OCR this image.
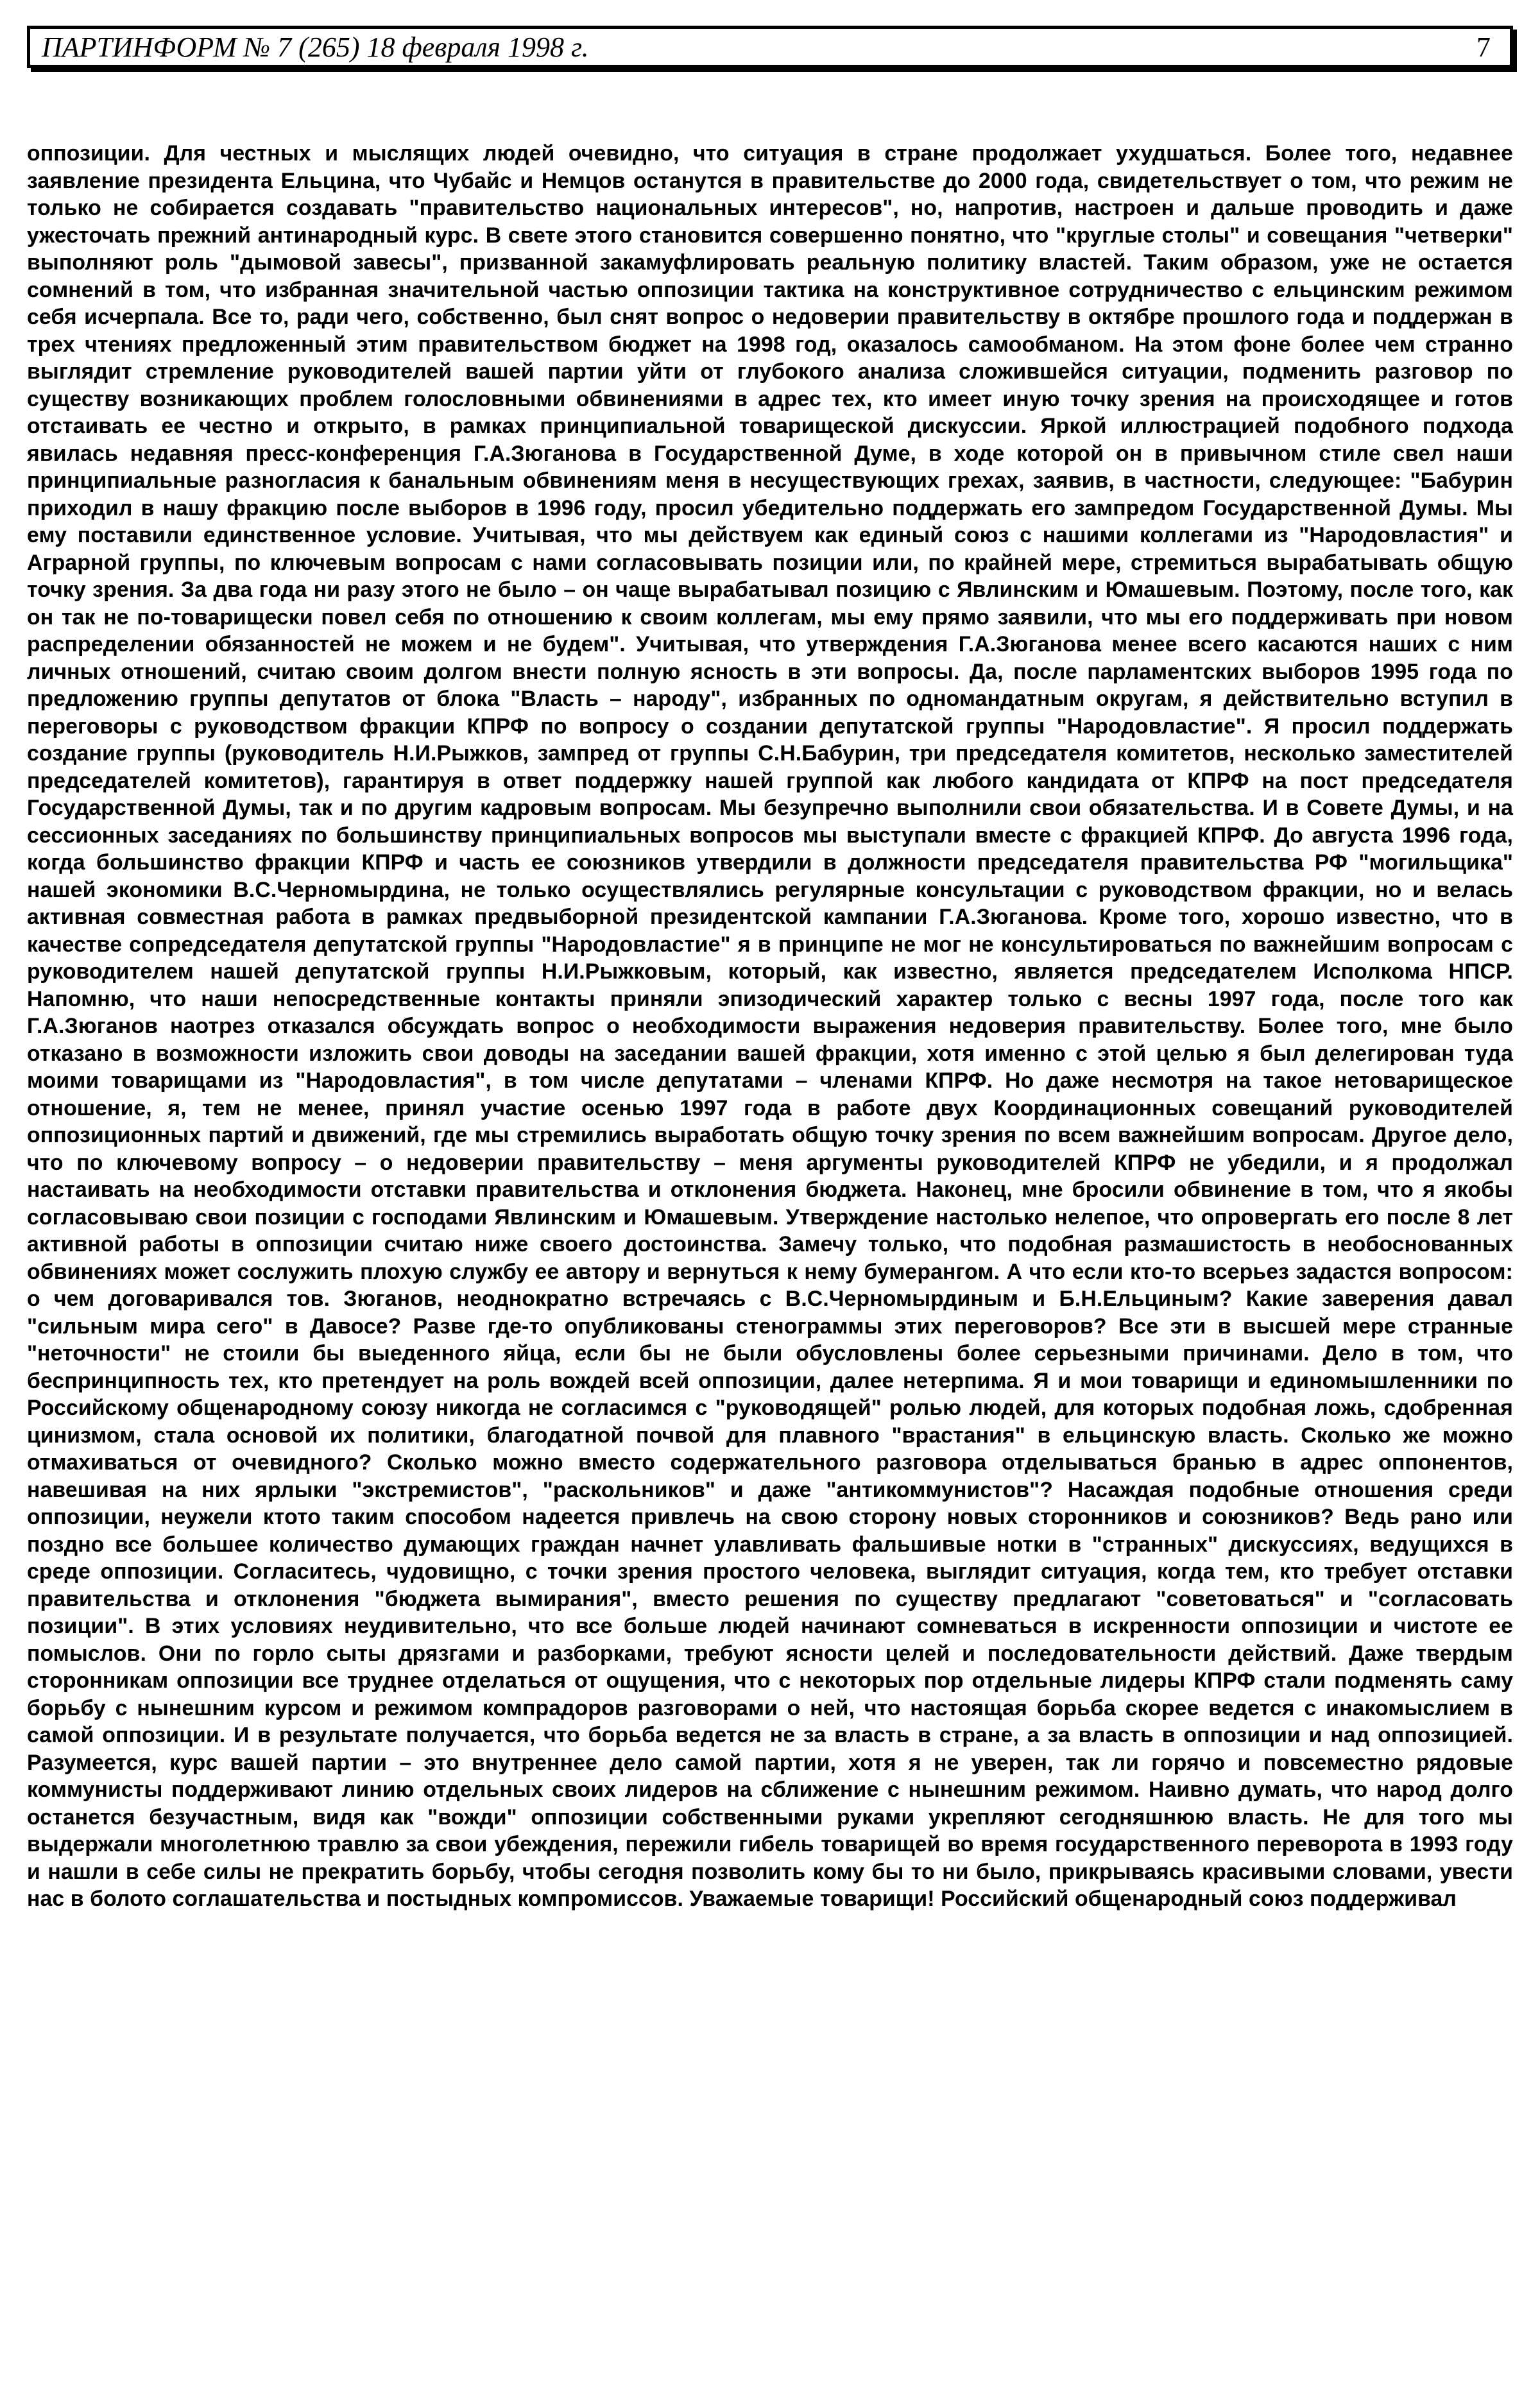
ПАРТИНФОРМ № 7 (265) 18 февраля 1998 г.	7

оппозиции. Для честных и мыслящих людей очевидно, что ситуация в стране продолжает ухудшаться. Более того, недавнее заявление президента Ельцина, что Чубайс и Немцов останутся в правительстве до 2000 года, свидетельствует о том, что режим не только не собирается создавать "правительство национальных интересов", но, напротив, настроен и дальше проводить и даже ужесточать прежний антинародный курс. В свете этого становится совершенно понятно, что "круглые столы" и совещания "четверки" выполняют роль "дымовой завесы", призванной закамуфлировать реальную политику властей. Таким образом, уже не остается сомнений в том, что избранная значительной частью оппозиции тактика на конструктивное сотрудничество с ельцинским режимом себя исчерпала. Все то, ради чего, собственно, был снят вопрос о недоверии правительству в октябре прошлого года и поддержан в трех чтениях предложенный этим правительством бюджет на 1998 год, оказалось самообманом. На этом фоне более чем странно выглядит стремление руководителей вашей партии уйти от глубокого анализа сложившейся ситуации, подменить разговор по существу возникающих проблем голословными обвинениями в адрес тех, кто имеет иную точку зрения на происходящее и готов отстаивать ее честно и открыто, в рамках принципиальной товарищеской дискуссии. Яркой иллюстрацией подобного подхода явилась недавняя пресс-конференция Г.А.Зюганова в Государственной Думе, в ходе которой он в привычном стиле свел наши принципиальные разногласия к банальным обвинениям меня в несуществующих грехах, заявив, в частности, следующее: "Бабурин приходил в нашу фракцию после выборов в 1996 году, просил убедительно поддержать его зампредом Государственной Думы. Мы ему поставили единственное условие. Учитывая, что мы действуем как единый союз с нашими коллегами из "Народовластия" и Аграрной группы, по ключевым вопросам с нами согласовывать позиции или, по крайней мере, стремиться вырабатывать общую точку зрения. За два года ни разу этого не было – он чаще вырабатывал позицию с Явлинским и Юмашевым. Поэтому, после того, как он так не по-товарищески повел себя по отношению к своим коллегам, мы ему прямо заявили, что мы его поддерживать при новом распределении обязанностей не можем и не будем". Учитывая, что утверждения Г.А.Зюганова менее всего касаются наших с ним личных отношений, считаю своим долгом внести полную ясность в эти вопросы. Да, после парламентских выборов 1995 года по предложению группы депутатов от блока "Власть – народу", избранных по одномандатным округам, я действительно вступил в переговоры с руководством фракции КПРФ по вопросу о создании депутатской группы "Народовластие". Я просил поддержать создание группы (руководитель Н.И.Рыжков, зампред от группы С.Н.Бабурин, три председателя комитетов, несколько заместителей председателей комитетов), гарантируя в ответ поддержку нашей группой как любого кандидата от КПРФ на пост председателя Государственной Думы, так и по другим кадровым вопросам. Мы безупречно выполнили свои обязательства. И в Совете Думы, и на сессионных заседаниях по большинству принципиальных вопросов мы выступали вместе с фракцией КПРФ. До августа 1996 года, когда большинство фракции КПРФ и часть ее союзников утвердили в должности председателя правительства РФ "могильщика" нашей экономики В.С.Черномырдина, не только осуществлялись регулярные консультации с руководством фракции, но и велась активная совместная работа в рамках предвыборной президентской кампании Г.А.Зюганова. Кроме того, хорошо известно, что в качестве сопредседателя депутатской группы "Народовластие" я в принципе не мог не консультироваться по важнейшим вопросам с руководителем нашей депутатской группы Н.И.Рыжковым, который, как известно, является председателем Исполкома НПСР. Напомню, что наши непосредственные контакты приняли эпизодический характер только с весны 1997 года, после того как Г.А.Зюганов наотрез отказался обсуждать вопрос о необходимости выражения недоверия правительству. Более того, мне было отказано в возможности изложить свои доводы на заседании вашей фракции, хотя именно с этой целью я был делегирован туда моими товарищами из "Народовластия", в том числе депутатами – членами КПРФ. Но даже несмотря на такое нетоварищеское отношение, я, тем не менее, принял участие осенью 1997 года в работе двух Координационных совещаний руководителей оппозиционных партий и движений, где мы стремились выработать общую точку зрения по всем важнейшим вопросам. Другое дело, что по ключевому вопросу – о недоверии правительству – меня аргументы руководителей КПРФ не убедили, и я продолжал настаивать на необходимости отставки правительства и отклонения бюджета. Наконец, мне бросили обвинение в том, что я якобы согласовываю свои позиции с господами Явлинским и Юмашевым. Утверждение настолько нелепое, что опровергать его после 8 лет активной работы в оппозиции считаю ниже своего достоинства. Замечу только, что подобная размашистость в необоснованных обвинениях может сослужить плохую службу ее автору и вернуться к нему бумерангом. А что если кто-то всерьез задастся вопросом: о чем договаривался тов. Зюганов, неоднократно встречаясь с В.С.Черномырдиным и Б.Н.Ельциным? Какие заверения давал "сильным мира сего" в Давосе? Разве где-то опубликованы стенограммы этих переговоров? Все эти в высшей мере странные "неточности" не стоили бы выеденного яйца, если бы не были обусловлены более серьезными причинами. Дело в том, что беспринципность тех, кто претендует на роль вождей всей оппозиции, далее нетерпима. Я и мои товарищи и единомышленники по Российскому общенародному союзу никогда не согласимся с "руководящей" ролью людей, для которых подобная ложь, сдобренная цинизмом, стала основой их политики, благодатной почвой для плавного "врастания" в ельцинскую власть. Сколько же можно отмахиваться от очевидного? Сколько можно вместо содержательного разговора отделываться бранью в адрес оппонентов, навешивая на них ярлыки "экстремистов", "раскольников" и даже "антикоммунистов"? Насаждая подобные отношения среди оппозиции, неужели ктото таким способом надеется привлечь на свою сторону новых сторонников и союзников? Ведь рано или поздно все большее количество думающих граждан начнет улавливать фальшивые нотки в "странных" дискуссиях, ведущихся в среде оппозиции. Согласитесь, чудовищно, с точки зрения простого человека, выглядит ситуация, когда тем, кто требует отставки правительства и отклонения "бюджета вымирания", вместо решения по существу предлагают "советоваться" и "согласовать позиции". В этих условиях неудивительно, что все больше людей начинают сомневаться в искренности оппозиции и чистоте ее помыслов. Они по горло сыты дрязгами и разборками, требуют ясности целей и последовательности действий. Даже твердым сторонникам оппозиции все труднее отделаться от ощущения, что с некоторых пор отдельные лидеры КПРФ стали подменять саму борьбу с нынешним курсом и режимом компрадоров разговорами о ней, что настоящая борьба скорее ведется с инакомыслием в самой оппозиции. И в результате получается, что борьба ведется не за власть в стране, а за власть в оппозиции и над оппозицией. Разумеется, курс вашей партии – это внутреннее дело самой партии, хотя я не уверен, так ли горячо и повсеместно рядовые коммунисты поддерживают линию отдельных своих лидеров на сближение с нынешним режимом. Наивно думать, что народ долго останется безучастным, видя как "вожди" оппозиции собственными руками укрепляют сегодняшнюю власть. Не для того мы выдержали многолетнюю травлю за свои убеждения, пережили гибель товарищей во время государственного переворота в 1993 году и нашли в себе силы не прекратить борьбу, чтобы сегодня позволить кому бы то ни было, прикрываясь красивыми словами, увести нас в болото соглашательства и постыдных компромиссов. Уважаемые товарищи! Российский общенародный союз поддерживал
